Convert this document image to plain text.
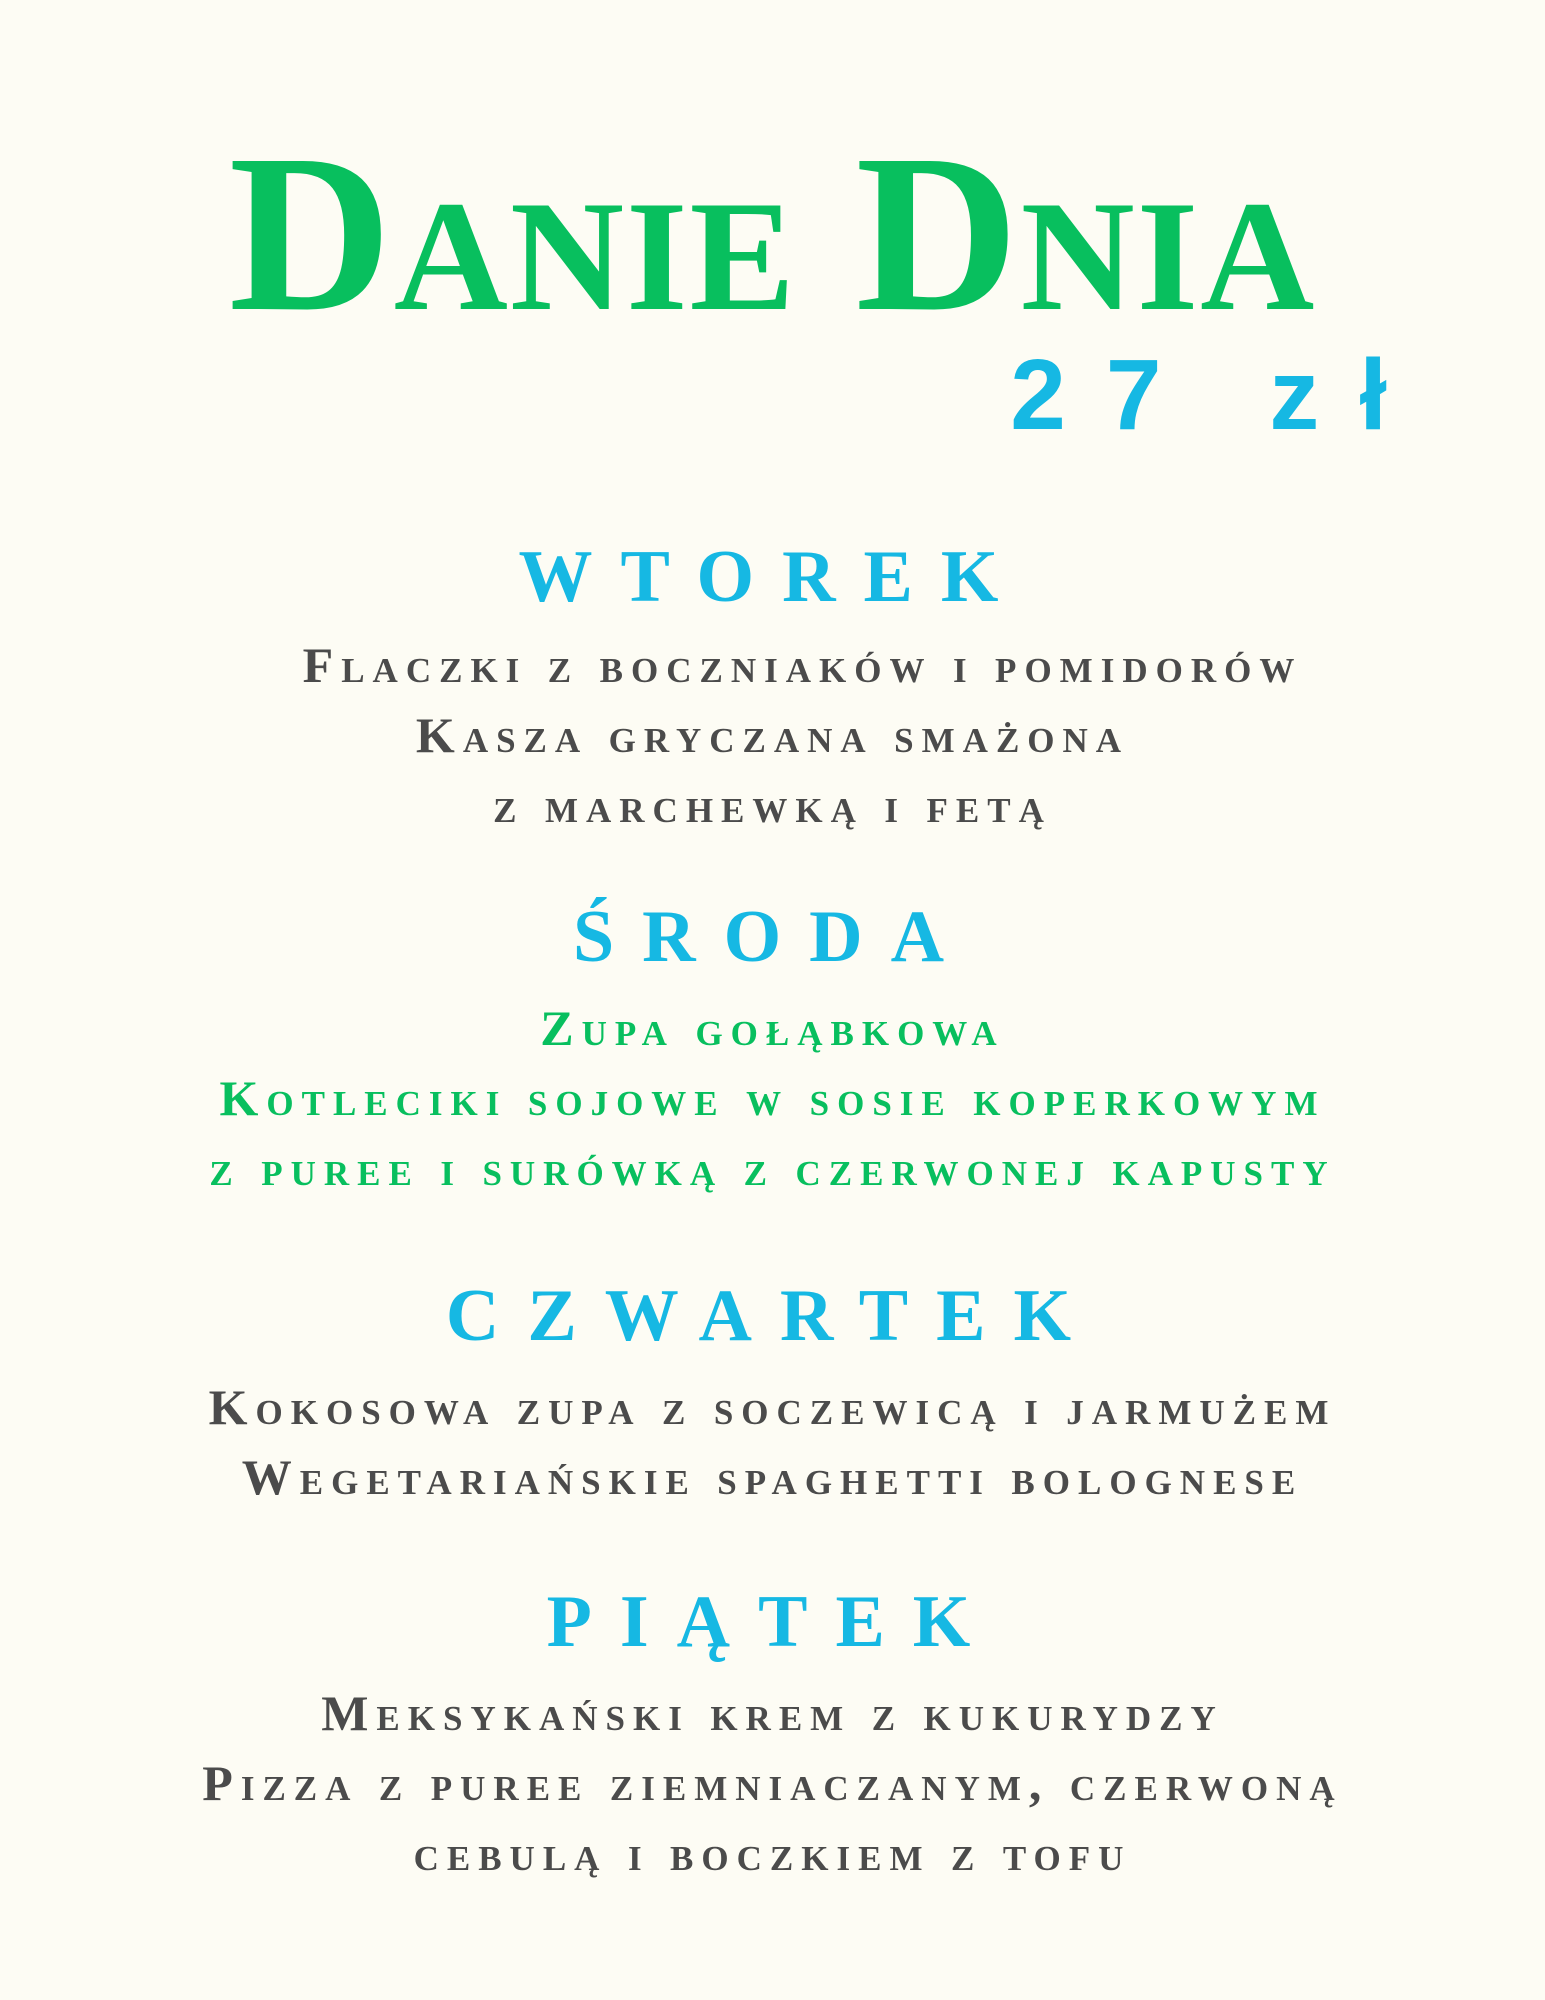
Danie Dnia
27 zł
WTOREK
Flaczki z boczniaków i pomidorów
Kasza gryczana smażona
z marchewką i fetą
ŚRODA
Zupa gołąbkowa
Kotleciki sojowe w sosie koperkowym
z puree i surówką z czerwonej kapusty
CZWARTEK
Kokosowa zupa z soczewicą i jarmużem
Wegetariańskie spaghetti bolognese
PIĄTEK
Meksykański krem z kukurydzy
Pizza z puree ziemniaczanym, czerwoną
cebulą i boczkiem z tofu
